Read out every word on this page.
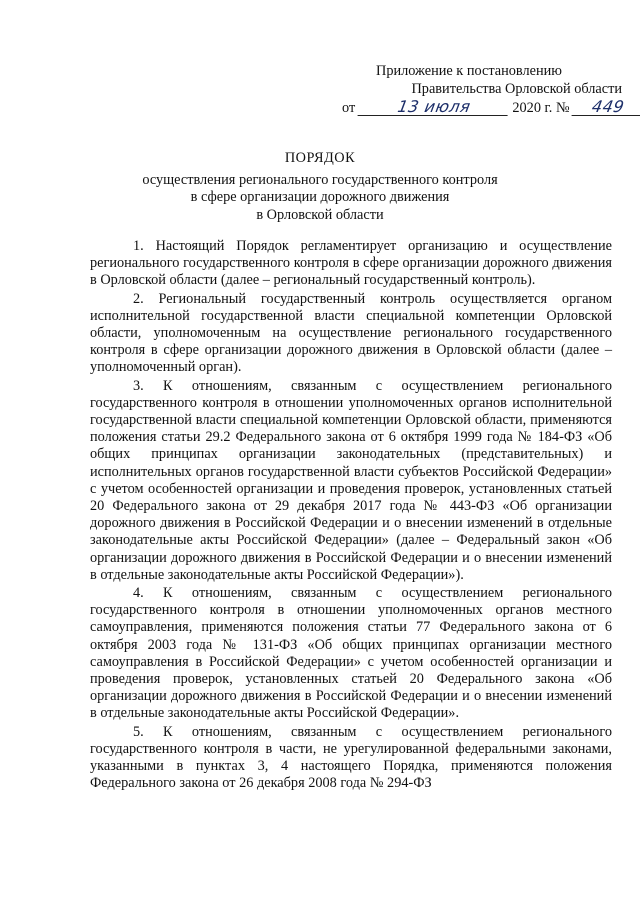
Приложение к постановлению
Правительства Орловской области
от	13 июля	2020 г. № 449
ПОРЯДОК
осуществления регионального государственного контроля
в сфере организации дорожного движения
в Орловской области

1. Настоящий Порядок регламентирует организацию и осуществление регионального государственного контроля в сфере организации дорожного движения в Орловской области (далее – региональный государственный контроль).

2. Региональный государственный контроль осуществляется органом исполнительной государственной власти специальной компетенции Орловской области, уполномоченным на осуществление регионального государственного контроля в сфере организации дорожного движения в Орловской области (далее – уполномоченный орган).

3. К отношениям, связанным с осуществлением регионального государственного контроля в отношении уполномоченных органов исполнительной государственной власти специальной компетенции Орловской области, применяются положения статьи 29.2 Федерального закона от 6 октября 1999 года № 184-ФЗ «Об общих принципах организации законодательных (представительных) и исполнительных органов государственной власти субъектов Российской Федерации» с учетом особенностей организации и проведения проверок, установленных статьей 20 Федерального закона от 29 декабря 2017 года № 443-ФЗ «Об организации дорожного движения в Российской Федерации и о внесении изменений в отдельные законодательные акты Российской Федерации» (далее – Федеральный закон «Об организации дорожного движения в Российской Федерации и о внесении изменений в отдельные законодательные акты Российской Федерации»).

4. К отношениям, связанным с осуществлением регионального государственного контроля в отношении уполномоченных органов местного самоуправления, применяются положения статьи 77 Федерального закона от 6 октября 2003 года № 131-ФЗ «Об общих принципах организации местного самоуправления в Российской Федерации» с учетом особенностей организации и проведения проверок, установленных статьей 20 Федерального закона «Об организации дорожного движения в Российской Федерации и о внесении изменений в отдельные законодательные акты Российской Федерации».

5. К отношениям, связанным с осуществлением регионального государственного контроля в части, не урегулированной федеральными законами, указанными в пунктах 3, 4 настоящего Порядка, применяются положения Федерального закона от 26 декабря 2008 года № 294-ФЗ
